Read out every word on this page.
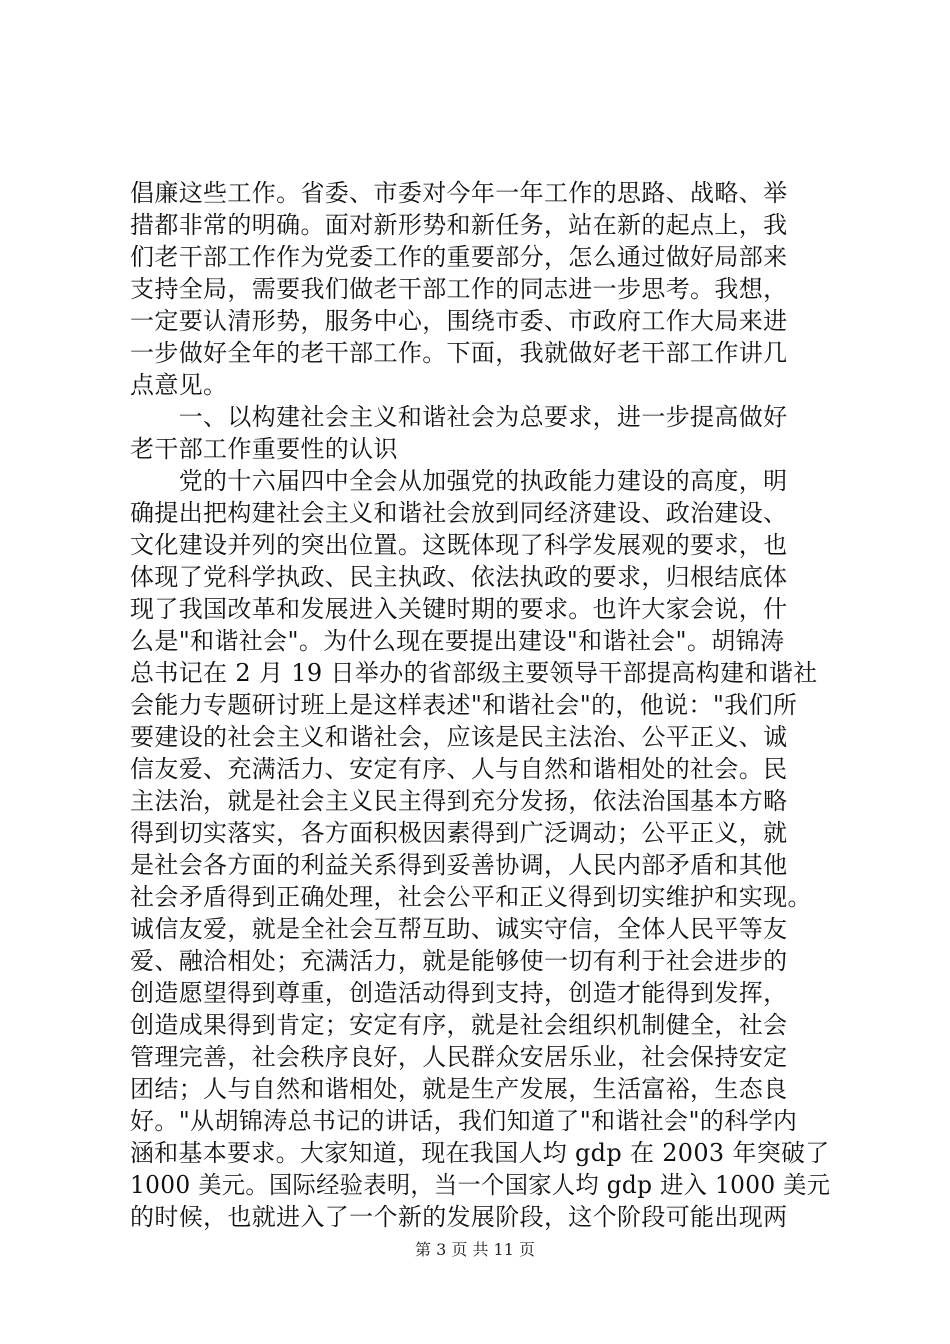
倡廉这些工作。省委、市委对今年一年工作的思路、战略、举
措都非常的明确。面对新形势和新任务，站在新的起点上，我
们老干部工作作为党委工作的重要部分，怎么通过做好局部来
支持全局，需要我们做老干部工作的同志进一步思考。我想，
一定要认清形势，服务中心，围绕市委、市政府工作大局来进
一步做好全年的老干部工作。下面，我就做好老干部工作讲几
点意见。
　　一、以构建社会主义和谐社会为总要求，进一步提高做好
老干部工作重要性的认识
　　党的十六届四中全会从加强党的执政能力建设的高度，明
确提出把构建社会主义和谐社会放到同经济建设、政治建设、
文化建设并列的突出位置。这既体现了科学发展观的要求，也
体现了党科学执政、民主执政、依法执政的要求，归根结底体
现了我国改革和发展进入关键时期的要求。也许大家会说，什
么是"和谐社会"。为什么现在要提出建设"和谐社会"。胡锦涛
总书记在 2 月 19 日举办的省部级主要领导干部提高构建和谐社
会能力专题研讨班上是这样表述"和谐社会"的，他说："我们所
要建设的社会主义和谐社会，应该是民主法治、公平正义、诚
信友爱、充满活力、安定有序、人与自然和谐相处的社会。民
主法治，就是社会主义民主得到充分发扬，依法治国基本方略
得到切实落实，各方面积极因素得到广泛调动；公平正义，就
是社会各方面的利益关系得到妥善协调，人民内部矛盾和其他
社会矛盾得到正确处理，社会公平和正义得到切实维护和实现。
诚信友爱，就是全社会互帮互助、诚实守信，全体人民平等友
爱、融洽相处；充满活力，就是能够使一切有利于社会进步的
创造愿望得到尊重，创造活动得到支持，创造才能得到发挥，
创造成果得到肯定；安定有序，就是社会组织机制健全，社会
管理完善，社会秩序良好，人民群众安居乐业，社会保持安定
团结；人与自然和谐相处，就是生产发展，生活富裕，生态良
好。"从胡锦涛总书记的讲话，我们知道了"和谐社会"的科学内
涵和基本要求。大家知道，现在我国人均 gdp 在 2003 年突破了
1000 美元。国际经验表明，当一个国家人均 gdp 进入 1000 美元
的时候，也就进入了一个新的发展阶段，这个阶段可能出现两
第 3 页 共 11 页
